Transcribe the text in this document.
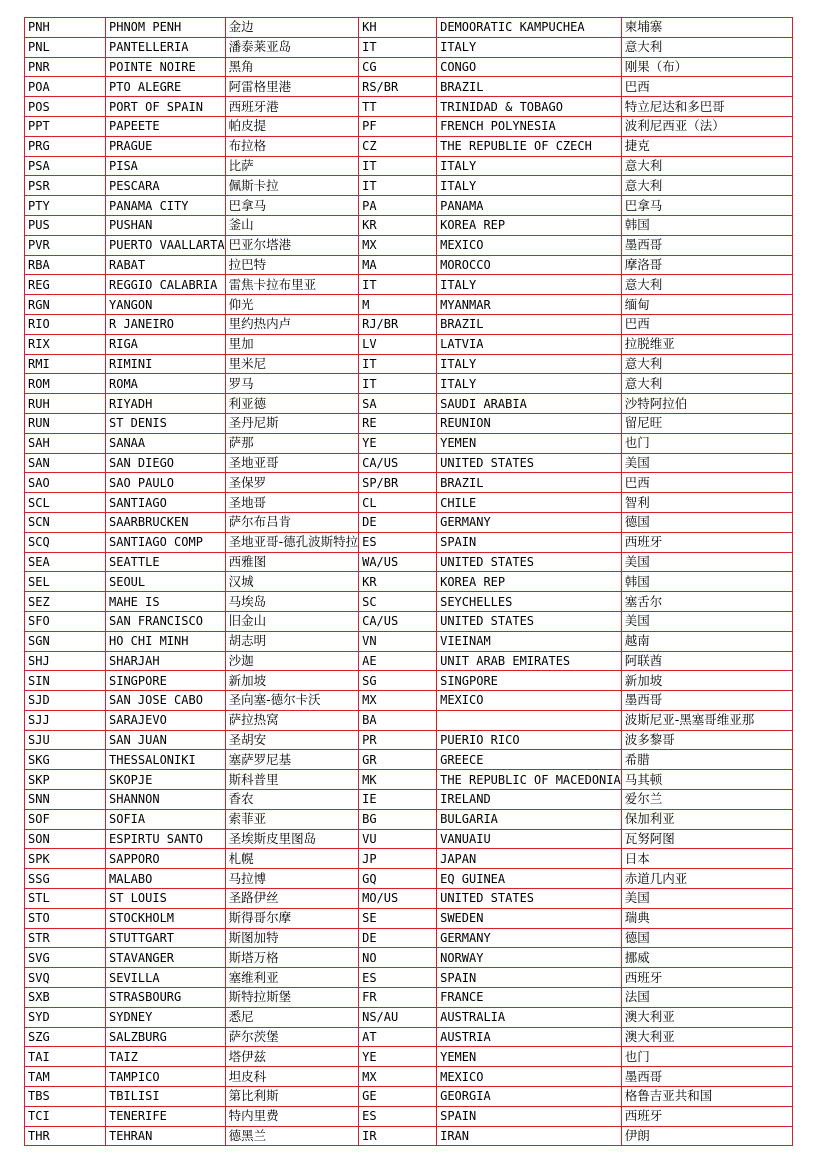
PNH	PHNOM PENH	金边	KH	DEMOORATIC KAMPUCHEA	柬埔寨
PNL	PANTELLERIA	潘泰莱亚岛	IT	ITALY	意大利
PNR	POINTE NOIRE	黑角	CG	CONGO	刚果（布）
POA	PTO ALEGRE	阿雷格里港	RS/BR	BRAZIL	巴西
POS	PORT OF SPAIN	西班牙港	TT	TRINIDAD & TOBAGO	特立尼达和多巴哥
PPT	PAPEETE	帕皮提	PF	FRENCH POLYNESIA	波利尼西亚（法）
PRG	PRAGUE	布拉格	CZ	THE REPUBLIE OF CZECH	捷克
PSA	PISA	比萨	IT	ITALY	意大利
PSR	PESCARA	佩斯卡拉	IT	ITALY	意大利
PTY	PANAMA CITY	巴拿马	PA	PANAMA	巴拿马
PUS	PUSHAN	釜山	KR	KOREA REP	韩国
PVR	PUERTO VAALLARTA	巴亚尔塔港	MX	MEXICO	墨西哥
RBA	RABAT	拉巴特	MA	MOROCCO	摩洛哥
REG	REGGIO CALABRIA	雷焦卡拉布里亚	IT	ITALY	意大利
RGN	YANGON	仰光	M	MYANMAR	缅甸
RIO	R JANEIRO	里约热内卢	RJ/BR	BRAZIL	巴西
RIX	RIGA	里加	LV	LATVIA	拉脱维亚
RMI	RIMINI	里米尼	IT	ITALY	意大利
ROM	ROMA	罗马	IT	ITALY	意大利
RUH	RIYADH	利亚德	SA	SAUDI ARABIA	沙特阿拉伯
RUN	ST DENIS	圣丹尼斯	RE	REUNION	留尼旺
SAH	SANAA	萨那	YE	YEMEN	也门
SAN	SAN DIEGO	圣地亚哥	CA/US	UNITED STATES	美国
SAO	SAO PAULO	圣保罗	SP/BR	BRAZIL	巴西
SCL	SANTIAGO	圣地哥	CL	CHILE	智利
SCN	SAARBRUCKEN	萨尔布吕肯	DE	GERMANY	德国
SCQ	SANTIAGO COMP	圣地亚哥-德孔波斯特拉	ES	SPAIN	西班牙
SEA	SEATTLE	西雅图	WA/US	UNITED STATES	美国
SEL	SEOUL	汉城	KR	KOREA REP	韩国
SEZ	MAHE IS	马埃岛	SC	SEYCHELLES	塞舌尔
SFO	SAN FRANCISCO	旧金山	CA/US	UNITED STATES	美国
SGN	HO CHI MINH	胡志明	VN	VIEINAM	越南
SHJ	SHARJAH	沙迦	AE	UNIT ARAB EMIRATES	阿联酋
SIN	SINGPORE	新加坡	SG	SINGPORE	新加坡
SJD	SAN JOSE CABO	圣向塞-德尔卡沃	MX	MEXICO	墨西哥
SJJ	SARAJEVO	萨拉热窝	BA		波斯尼亚-黑塞哥维亚那
SJU	SAN JUAN	圣胡安	PR	PUERIO RICO	波多黎哥
SKG	THESSALONIKI	塞萨罗尼基	GR	GREECE	希腊
SKP	SKOPJE	斯科普里	MK	THE REPUBLIC OF MACEDONIA	马其顿
SNN	SHANNON	香农	IE	IRELAND	爱尔兰
SOF	SOFIA	索菲亚	BG	BULGARIA	保加利亚
SON	ESPIRTU SANTO	圣埃斯皮里图岛	VU	VANUAIU	瓦努阿图
SPK	SAPPORO	札幌	JP	JAPAN	日本
SSG	MALABO	马拉博	GQ	EQ GUINEA	赤道几内亚
STL	ST LOUIS	圣路伊丝	MO/US	UNITED STATES	美国
STO	STOCKHOLM	斯得哥尔摩	SE	SWEDEN	瑞典
STR	STUTTGART	斯图加特	DE	GERMANY	德国
SVG	STAVANGER	斯塔万格	NO	NORWAY	挪威
SVQ	SEVILLA	塞维利亚	ES	SPAIN	西班牙
SXB	STRASBOURG	斯特拉斯堡	FR	FRANCE	法国
SYD	SYDNEY	悉尼	NS/AU	AUSTRALIA	澳大利亚
SZG	SALZBURG	萨尔茨堡	AT	AUSTRIA	澳大利亚
TAI	TAIZ	塔伊兹	YE	YEMEN	也门
TAM	TAMPICO	坦皮科	MX	MEXICO	墨西哥
TBS	TBILISI	第比利斯	GE	GEORGIA	格鲁吉亚共和国
TCI	TENERIFE	特内里费	ES	SPAIN	西班牙
THR	TEHRAN	德黑兰	IR	IRAN	伊朗
